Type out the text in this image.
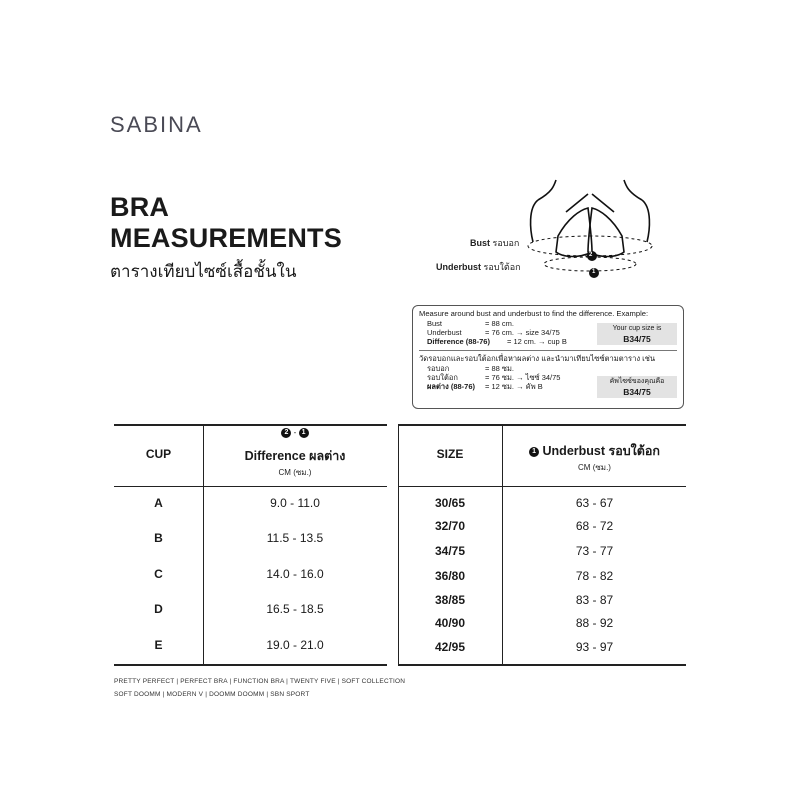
SABINA
BRA
MEASUREMENTS
ตารางเทียบไซซ์เสื้อชั้นใน
Bust รอบอก
Underbust รอบใต้อก
2
1
Measure around bust and underbust to find the difference. Example:
Bust	= 88 cm.
Underbust	= 76 cm. → size 34/75
Difference (88-76)	= 12 cm. → cup B
Your cup size is
B34/75
วัดรอบอกและรอบใต้อกเพื่อหาผลต่าง และนำมาเทียบไซซ์ตามตาราง เช่น
รอบอก	= 88 ซม.
รอบใต้อก	= 76 ซม. → ไซซ์ 34/75
ผลต่าง (88-76)	= 12 ซม. → คัพ B
คัพไซซ์ของคุณคือ
B34/75
CUP
2 - 1
Difference ผลต่าง
CM (ซม.)
SIZE	1 Underbust รอบใต้อก
CM (ซม.)
A	9.0 - 11.0
B	11.5 - 13.5
C	14.0 - 16.0
D	16.5 - 18.5
E	19.0 - 21.0
30/65	63 - 67
32/70	68 - 72
34/75	73 - 77
36/80	78 - 82
38/85	83 - 87
40/90	88 - 92
42/95	93 - 97
PRETTY PERFECT | PERFECT BRA | FUNCTION BRA | TWENTY FIVE | SOFT COLLECTION
SOFT DOOMM | MODERN V | DOOMM DOOMM | SBN SPORT
